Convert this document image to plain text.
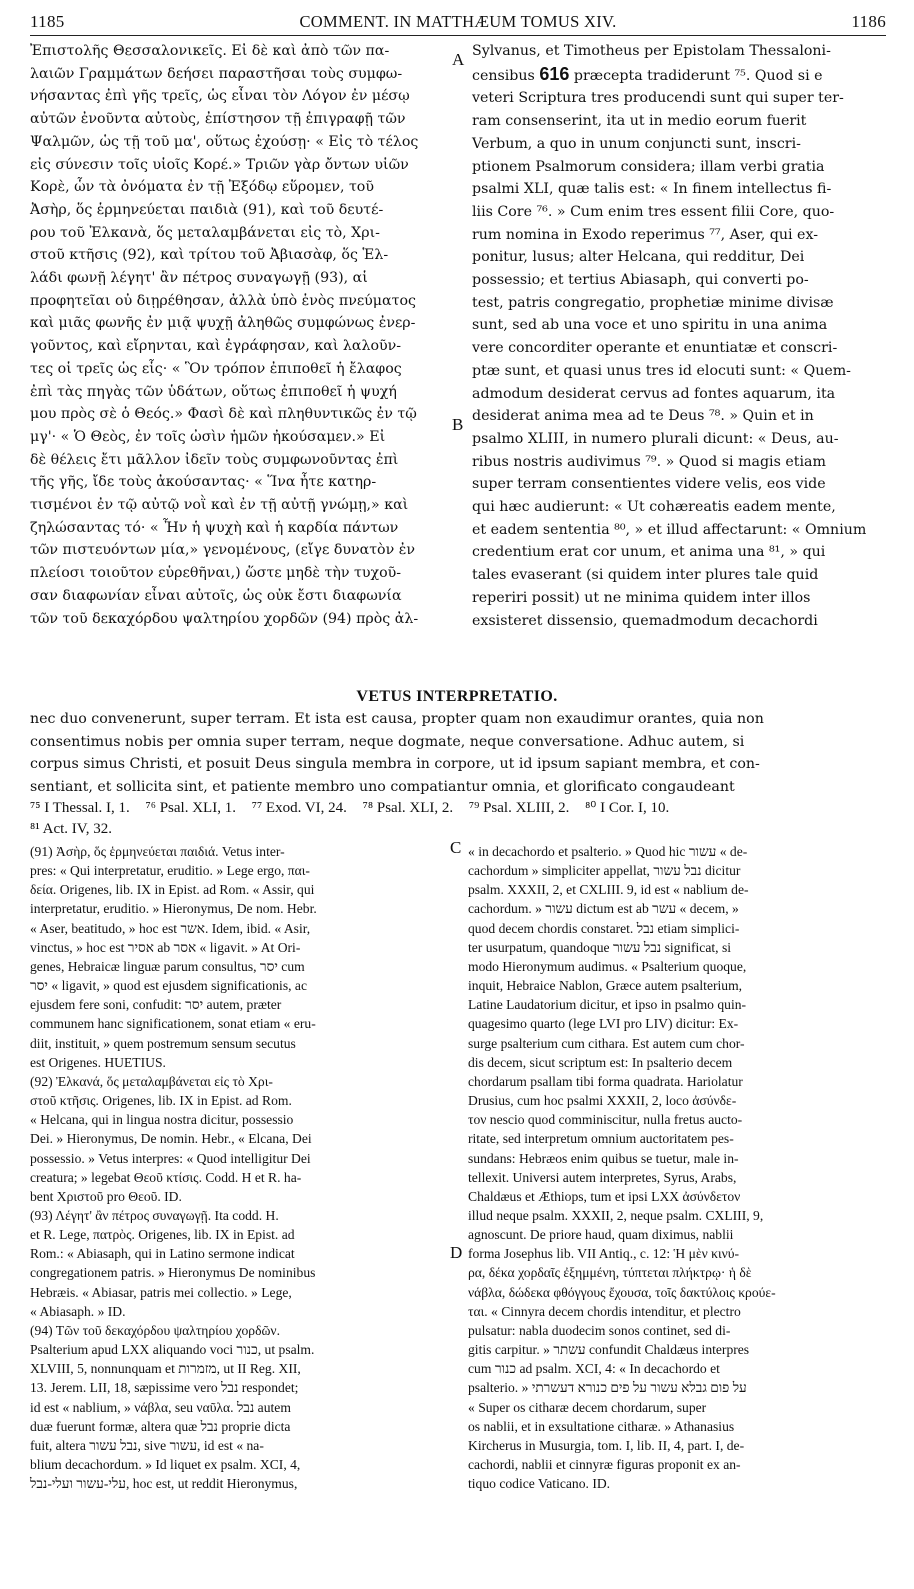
1185	COMMENT. IN MATTHÆUM TOMUS XIV.	1186
A
B
C
D

Ἐπιστολῆς Θεσσαλονικεῖς. Εἰ δὲ καὶ ἀπὸ τῶν πα-

λαιῶν Γραμμάτων δεήσει παραστῆσαι τοὺς συμφω-

νήσαντας ἐπὶ γῆς τρεῖς, ὡς εἶναι τὸν Λόγον ἐν μέσῳ

αὐτῶν ἐνοῦντα αὐτοὺς, ἐπίστησον τῇ ἐπιγραφῇ τῶν

Ψαλμῶν, ὡς τῇ τοῦ μα', οὕτως ἐχούσῃ· « Εἰς τὸ τέλος

εἰς σύνεσιν τοῖς υἱοῖς Κορέ.» Τριῶν γὰρ ὄντων υἱῶν

Κορὲ, ὧν τὰ ὀνόματα ἐν τῇ Ἐξόδῳ εὕρομεν, τοῦ

Ἀσὴρ, ὅς ἑρμηνεύεται παιδιὰ (91), καὶ τοῦ δευτέ-

ρου τοῦ Ἐλκανὰ, ὅς μεταλαμβάνεται εἰς τὸ, Χρι-

στοῦ κτῆσις (92), καὶ τρίτου τοῦ Ἀβιασὰφ, ὅς Ἑλ-

λάδι φωνῇ λέγητ' ἂν πέτρος συναγωγῇ (93), αἱ

προφητεῖαι οὐ διῃρέθησαν, ἀλλὰ ὑπὸ ἑνὸς πνεύματος

καὶ μιᾶς φωνῆς ἐν μιᾷ ψυχῇ ἀληθῶς συμφώνως ἐνερ-

γοῦντος, καὶ εἴρηνται, καὶ ἐγράφησαν, καὶ λαλοῦν-

τες οἱ τρεῖς ὡς εἷς· « Ὃν τρόπον ἐπιποθεῖ ἡ ἔλαφος

ἐπὶ τὰς πηγὰς τῶν ὑδάτων, οὕτως ἐπιποθεῖ ἡ ψυχή

μου πρὸς σὲ ὁ Θεός.» Φασὶ δὲ καὶ πληθυντικῶς ἐν τῷ

μγ'· « Ὁ Θεὸς, ἐν τοῖς ὠσὶν ἡμῶν ἠκούσαμεν.» Εἰ

δὲ θέλεις ἔτι μᾶλλον ἰδεῖν τοὺς συμφωνοῦντας ἐπὶ

τῆς γῆς, ἴδε τοὺς ἀκούσαντας· « Ἵνα ἦτε κατηρ-

τισμένοι ἐν τῷ αὐτῷ νοῒ καὶ ἐν τῇ αὐτῇ γνώμῃ,» καὶ

ζηλώσαντας τό· « Ἦν ἡ ψυχὴ καὶ ἡ καρδία πάντων

τῶν πιστευόντων μία,» γενομένους, (εἴγε δυνατὸν ἐν

πλείοσι τοιοῦτον εὑρεθῆναι,) ὥστε μηδὲ τὴν τυχοῦ-

σαν διαφωνίαν εἶναι αὐτοῖς, ὡς οὐκ ἔστι διαφωνία

τῶν τοῦ δεκαχόρδου ψαλτηρίου χορδῶν (94) πρὸς ἀλ-

Sylvanus, et Timotheus per Epistolam Thessaloni-

censibus 616 præcepta tradiderunt ⁷⁵. Quod si e

veteri Scriptura tres producendi sunt qui super ter-

ram consenserint, ita ut in medio eorum fuerit

Verbum, a quo in unum conjuncti sunt, inscri-

ptionem Psalmorum considera; illam verbi gratia

psalmi XLI, quæ talis est: « In finem intellectus fi-

liis Core ⁷⁶. » Cum enim tres essent filii Core, quo-

rum nomina in Exodo reperimus ⁷⁷, Aser, qui ex-

ponitur, lusus; alter Helcana, qui redditur, Dei

possessio; et tertius Abiasaph, qui converti po-

test, patris congregatio, prophetiæ minime divisæ

sunt, sed ab una voce et uno spiritu in una anima

vere concorditer operante et enuntiatæ et conscri-

ptæ sunt, et quasi unus tres id elocuti sunt: « Quem-

admodum desiderat cervus ad fontes aquarum, ita

desiderat anima mea ad te Deus ⁷⁸. » Quin et in

psalmo XLIII, in numero plurali dicunt: « Deus, au-

ribus nostris audivimus ⁷⁹. » Quod si magis etiam

super terram consentientes videre velis, eos vide

qui hæc audierunt: « Ut cohæreatis eadem mente,

et eadem sententia ⁸⁰, » et illud affectarunt: « Omnium

credentium erat cor unum, et anima una ⁸¹, » qui

tales evaserant (si quidem inter plures tale quid

reperiri possit) ut ne minima quidem inter illos

exsisteret dissensio, quemadmodum decachordi

VETUS INTERPRETATIO.

nec duo convenerunt, super terram. Et ista est causa, propter quam non exaudimur orantes, quia non

consentimus nobis per omnia super terram, neque dogmate, neque conversatione. Adhuc autem, si

corpus simus Christi, et posuit Deus singula membra in corpore, ut id ipsum sapiant membra, et con-

sentiant, et sollicita sint, et patiente membro uno compatiantur omnia, et glorificato congaudeant

⁷⁵ I Thessal. I, 1. ⁷⁶ Psal. XLI, 1. ⁷⁷ Exod. VI, 24. ⁷⁸ Psal. XLI, 2. ⁷⁹ Psal. XLIII, 2. ⁸⁰ I Cor. I, 10.
⁸¹ Act. IV, 32.

(91) Ἀσὴρ, ὅς ἑρμηνεύεται παιδιά. Vetus inter-

pres: « Qui interpretatur, eruditio. » Lege ergo, παι-

δεία. Origenes, lib. IX in Epist. ad Rom. « Assir, qui

interpretatur, eruditio. » Hieronymus, De nom. Hebr.

« Aser, beatitudo, » hoc est אשר. Idem, ibid. « Asir,

vinctus, » hoc est אסיר ab אסר « ligavit. » At Ori-

genes, Hebraicæ linguæ parum consultus, יסר cum

יסר « ligavit, » quod est ejusdem significationis, ac

ejusdem fere soni, confudit: יסר autem, præter

communem hanc significationem, sonat etiam « eru-

diit, instituit, » quem postremum sensum secutus

est Origenes. HUETIUS.

(92) Ἐλκανά, ὅς μεταλαμβάνεται εἰς τὸ Χρι-

στοῦ κτῆσις. Origenes, lib. IX in Epist. ad Rom.

« Helcana, qui in lingua nostra dicitur, possessio

Dei. » Hieronymus, De nomin. Hebr., « Elcana, Dei

possessio. » Vetus interpres: « Quod intelligitur Dei

creatura; » legebat Θεοῦ κτίσις. Codd. H et R. ha-

bent Χριστοῦ pro Θεοῦ. ID.

(93) Λέγητ' ἂν πέτρος συναγωγῇ. Ita codd. H.

et R. Lege, πατρὸς. Origenes, lib. IX in Epist. ad

Rom.: « Abiasaph, qui in Latino sermone indicat

congregationem patris. » Hieronymus De nominibus

Hebræis. « Abiasar, patris mei collectio. » Lege,

« Abiasaph. » ID.

(94) Τῶν τοῦ δεκαχόρδου ψαλτηρίου χορδῶν.

Psalterium apud LXX aliquando voci כנור, ut psalm.

XLVIII, 5, nonnunquam et מזמרות, ut II Reg. XII,

13. Jerem. LII, 18, sæpissime vero נבל respondet;

id est « nablium, » νάβλα, seu ναῦλα. נבל autem

duæ fuerunt formæ, altera quæ נבל proprie dicta

fuit, altera נבל עשור, sive עשור, id est « na-

blium decachordum. » Id liquet ex psalm. XCI, 4,

עלי-עשור ועלי-נבל, hoc est, ut reddit Hieronymus,

« in decachordo et psalterio. » Quod hic עשור « de-

cachordum » simpliciter appellat, נבל עשור dicitur

psalm. XXXII, 2, et CXLIII. 9, id est « nablium de-

cachordum. » עשור dictum est ab עשר « decem, »

quod decem chordis constaret. נבל etiam simplici-

ter usurpatum, quandoque נבל עשור significat, si

modo Hieronymum audimus. « Psalterium quoque,

inquit, Hebraice Nablon, Græce autem psalterium,

Latine Laudatorium dicitur, et ipso in psalmo quin-

quagesimo quarto (lege LVI pro LIV) dicitur: Ex-

surge psalterium cum cithara. Est autem cum chor-

dis decem, sicut scriptum est: In psalterio decem

chordarum psallam tibi forma quadrata. Hariolatur

Drusius, cum hoc psalmi XXXII, 2, loco ἀσύνδε-

τον nescio quod comminiscitur, nulla fretus aucto-

ritate, sed interpretum omnium auctoritatem pes-

sundans: Hebræos enim quibus se tuetur, male in-

tellexit. Universi autem interpretes, Syrus, Arabs,

Chaldæus et Æthiops, tum et ipsi LXX ἀσύνδετον

illud neque psalm. XXXII, 2, neque psalm. CXLIII, 9,

agnoscunt. De priore haud, quam diximus, nablii

forma Josephus lib. VII Antiq., c. 12: Ἡ μὲν κινύ-

ρα, δέκα χορδαῖς ἐξημμένη, τύπτεται πλήκτρῳ· ἡ δὲ

νάβλα, δώδεκα φθόγγους ἔχουσα, τοῖς δακτύλοις κρούε-

ται. « Cinnyra decem chordis intenditur, et plectro

pulsatur: nabla duodecim sonos continet, sed di-

gitis carpitur. » עשתר confundit Chaldæus interpres

cum כנור ad psalm. XCI, 4: « In decachordo et

psalterio. » על פום גבלא עשור על פים כנורא דעשרתי

« Super os citharæ decem chordarum, super

os nablii, et in exsultatione citharæ. » Athanasius

Kircherus in Musurgia, tom. I, lib. II, 4, part. I, de-

cachordi, nablii et cinnyræ figuras proponit ex an-

tiquo codice Vaticano. ID.
